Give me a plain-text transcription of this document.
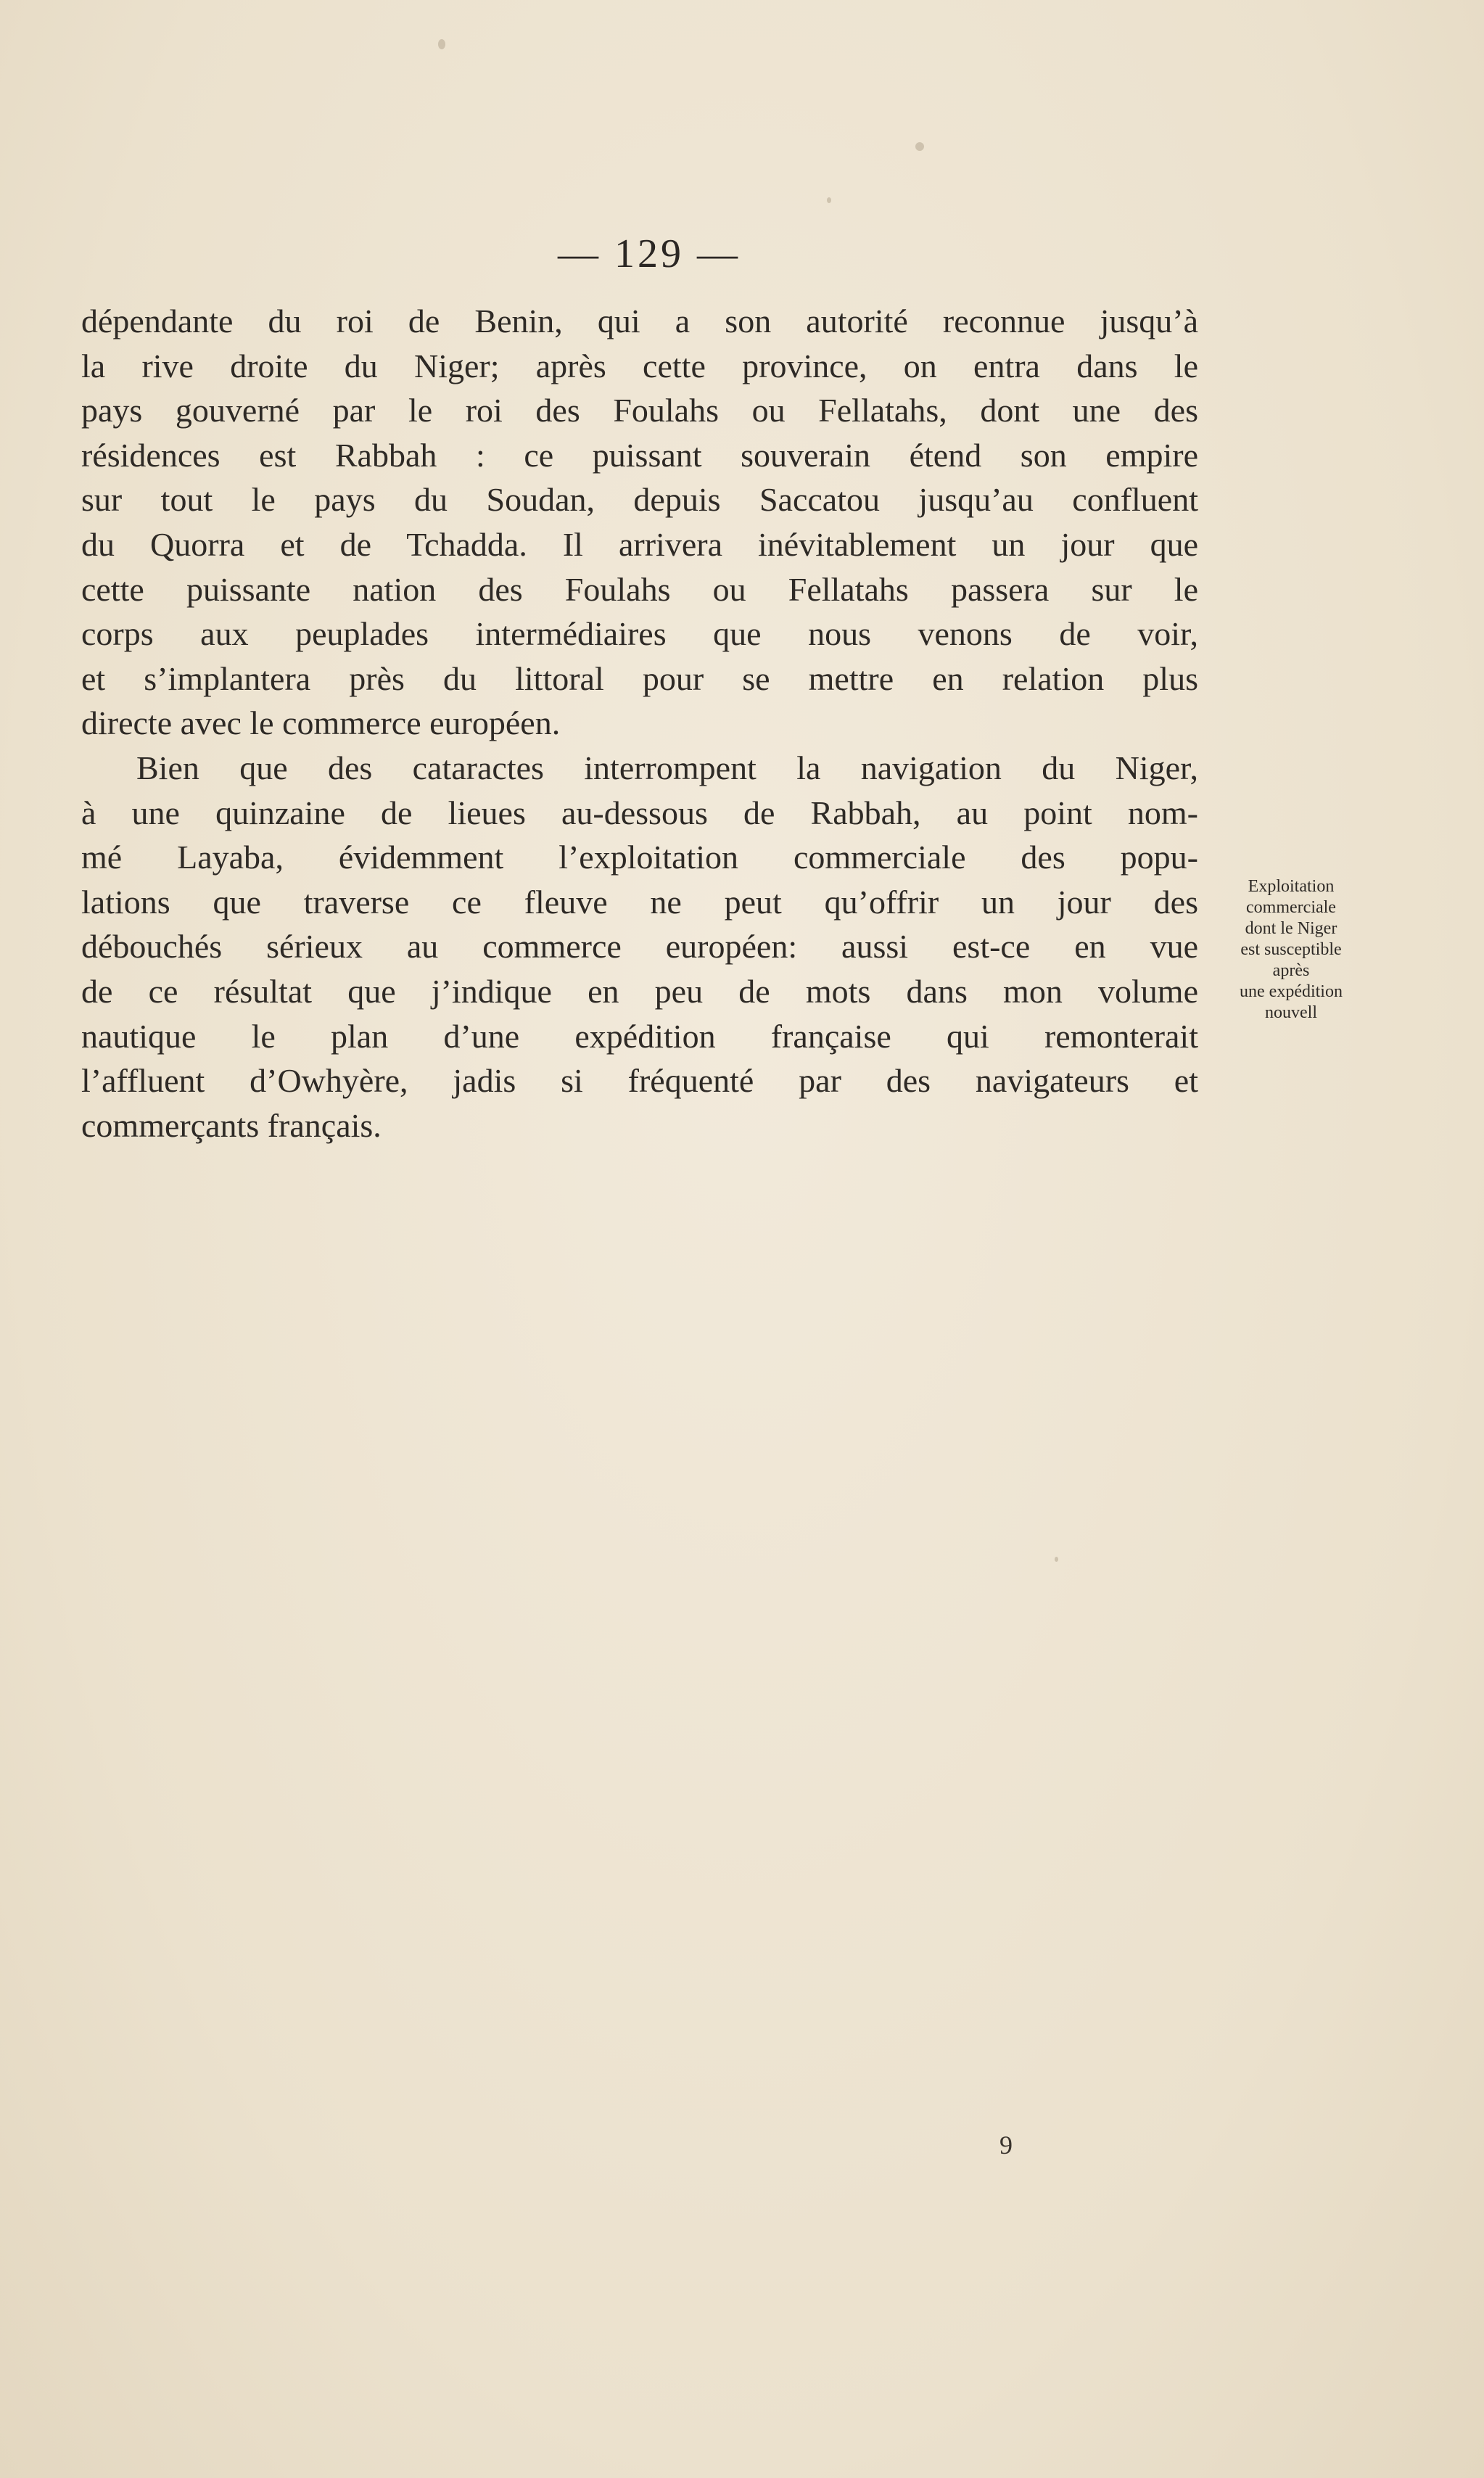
— 129 —

dépendante du roi de Benin, qui a son autorité reconnue jusqu’à
la rive droite du Niger; après cette province, on entra dans le
pays gouverné par le roi des Foulahs ou Fellatahs, dont une des
résidences est Rabbah : ce puissant souverain étend son empire
sur tout le pays du Soudan, depuis Saccatou jusqu’au confluent
du Quorra et de Tchadda. Il arrivera inévitablement un jour que
cette puissante nation des Foulahs ou Fellatahs passera sur le
corps aux peuplades intermédiaires que nous venons de voir,
et s’implantera près du littoral pour se mettre en relation plus
directe avec le commerce européen.

Bien que des cataractes interrompent la navigation du Niger,
à une quinzaine de lieues au-dessous de Rabbah, au point nom-
mé Layaba, évidemment l’exploitation commerciale des popu-
lations que traverse ce fleuve ne peut qu’offrir un jour des
débouchés sérieux au commerce européen: aussi est-ce en vue
de ce résultat que j’indique en peu de mots dans mon volume
nautique le plan d’une expédition française qui remonterait
l’affluent d’Owhyère, jadis si fréquenté par des navigateurs et
commerçants français.

Exploitation
commerciale
dont le Niger
est susceptible
après
une expédition
nouvell
9
